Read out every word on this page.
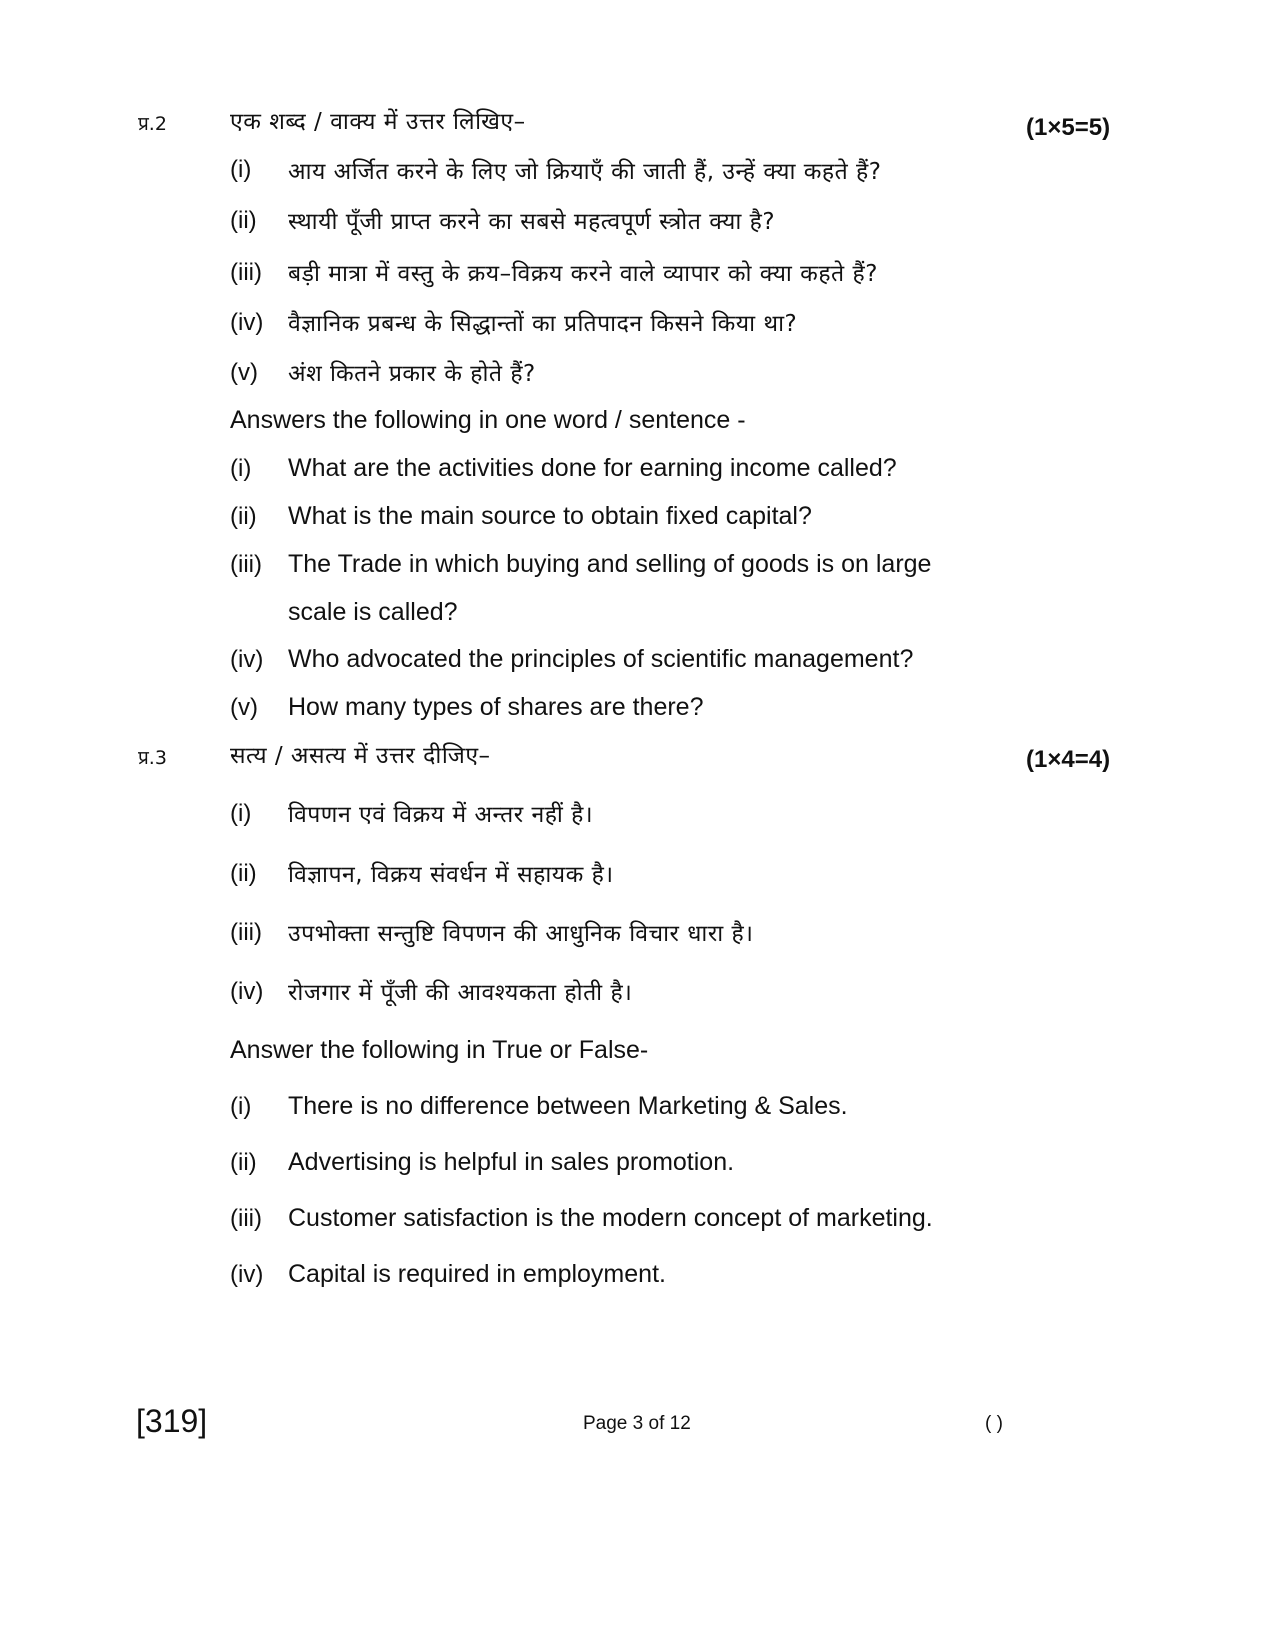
प्र.2	एक शब्द / वाक्य में उत्तर लिखिए–	(1×5=5)
(i) आय अर्जित करने के लिए जो क्रियाएँ की जाती हैं, उन्हें क्या कहते हैं?
(ii) स्थायी पूँजी प्राप्त करने का सबसे महत्वपूर्ण स्त्रोत क्या है?
(iii) बड़ी मात्रा में वस्तु के क्रय–विक्रय करने वाले व्यापार को क्या कहते हैं?
(iv) वैज्ञानिक प्रबन्ध के सिद्धान्तों का प्रतिपादन किसने किया था?
(v) अंश कितने प्रकार के होते हैं?
Answers the following in one word / sentence -
(i) What are the activities done for earning income called?
(ii) What is the main source to obtain fixed capital?
(iii) The Trade in which buying and selling of goods is on large
scale is called?
(iv) Who advocated the principles of scientific management?
(v) How many types of shares are there?
प्र.3	सत्य / असत्य में उत्तर दीजिए–	(1×4=4)
(i) विपणन एवं विक्रय में अन्तर नहीं है।
(ii) विज्ञापन, विक्रय संवर्धन में सहायक है।
(iii) उपभोक्ता सन्तुष्टि विपणन की आधुनिक विचार धारा है।
(iv) रोजगार में पूँजी की आवश्यकता होती है।
Answer the following in True or False-
(i) There is no difference between Marketing & Sales.
(ii) Advertising is helpful in sales promotion.
(iii) Customer satisfaction is the modern concept of marketing.
(iv) Capital is required in employment.
[319]	Page 3 of 12	( )
